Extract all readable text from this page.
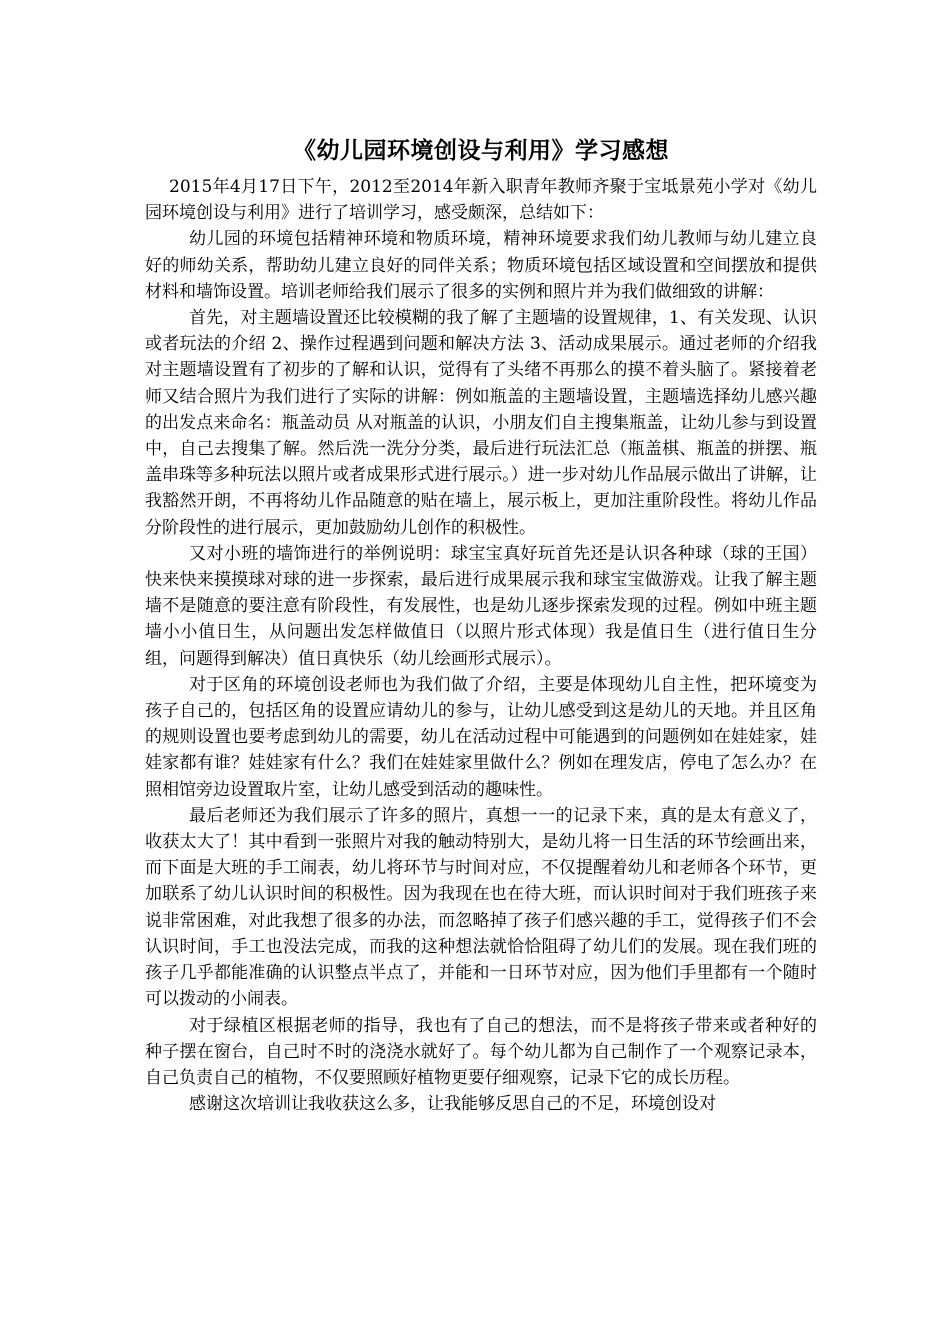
《幼儿园环境创设与利用》学习感想

2015年4月17日下午，2012至2014年新入职青年教师齐聚于宝坻景苑小学对《幼儿园环境创设与利用》进行了培训学习，感受颇深，总结如下：

幼儿园的环境包括精神环境和物质环境，精神环境要求我们幼儿教师与幼儿建立良好的师幼关系，帮助幼儿建立良好的同伴关系；物质环境包括区域设置和空间摆放和提供材料和墙饰设置。培训老师给我们展示了很多的实例和照片并为我们做细致的讲解：

首先，对主题墙设置还比较模糊的我了解了主题墙的设置规律，1、有关发现、认识或者玩法的介绍 2、操作过程遇到问题和解决方法 3、活动成果展示。通过老师的介绍我对主题墙设置有了初步的了解和认识，觉得有了头绪不再那么的摸不着头脑了。紧接着老师又结合照片为我们进行了实际的讲解：例如瓶盖的主题墙设置，主题墙选择幼儿感兴趣的出发点来命名：瓶盖动员 从对瓶盖的认识，小朋友们自主搜集瓶盖，让幼儿参与到设置中，自己去搜集了解。然后洗一洗分分类，最后进行玩法汇总（瓶盖棋、瓶盖的拼摆、瓶盖串珠等多种玩法以照片或者成果形式进行展示。）进一步对幼儿作品展示做出了讲解，让我豁然开朗，不再将幼儿作品随意的贴在墙上，展示板上，更加注重阶段性。将幼儿作品分阶段性的进行展示，更加鼓励幼儿创作的积极性。

又对小班的墙饰进行的举例说明：球宝宝真好玩首先还是认识各种球（球的王国）快来快来摸摸球对球的进一步探索，最后进行成果展示我和球宝宝做游戏。让我了解主题墙不是随意的要注意有阶段性，有发展性，也是幼儿逐步探索发现的过程。例如中班主题墙小小值日生，从问题出发怎样做值日（以照片形式体现）我是值日生（进行值日生分组，问题得到解决）值日真快乐（幼儿绘画形式展示）。

对于区角的环境创设老师也为我们做了介绍，主要是体现幼儿自主性，把环境变为孩子自己的，包括区角的设置应请幼儿的参与，让幼儿感受到这是幼儿的天地。并且区角的规则设置也要考虑到幼儿的需要，幼儿在活动过程中可能遇到的问题例如在娃娃家，娃娃家都有谁？娃娃家有什么？我们在娃娃家里做什么？例如在理发店，停电了怎么办？在照相馆旁边设置取片室，让幼儿感受到活动的趣味性。

最后老师还为我们展示了许多的照片，真想一一的记录下来，真的是太有意义了，收获太大了！其中看到一张照片对我的触动特别大，是幼儿将一日生活的环节绘画出来，而下面是大班的手工闹表，幼儿将环节与时间对应，不仅提醒着幼儿和老师各个环节，更加联系了幼儿认识时间的积极性。因为我现在也在待大班，而认识时间对于我们班孩子来说非常困难，对此我想了很多的办法，而忽略掉了孩子们感兴趣的手工，觉得孩子们不会认识时间，手工也没法完成，而我的这种想法就恰恰阻碍了幼儿们的发展。现在我们班的孩子几乎都能准确的认识整点半点了，并能和一日环节对应，因为他们手里都有一个随时可以拨动的小闹表。

对于绿植区根据老师的指导，我也有了自己的想法，而不是将孩子带来或者种好的种子摆在窗台，自己时不时的浇浇水就好了。每个幼儿都为自己制作了一个观察记录本，自己负责自己的植物，不仅要照顾好植物更要仔细观察，记录下它的成长历程。

感谢这次培训让我收获这么多，让我能够反思自己的不足，环境创设对
